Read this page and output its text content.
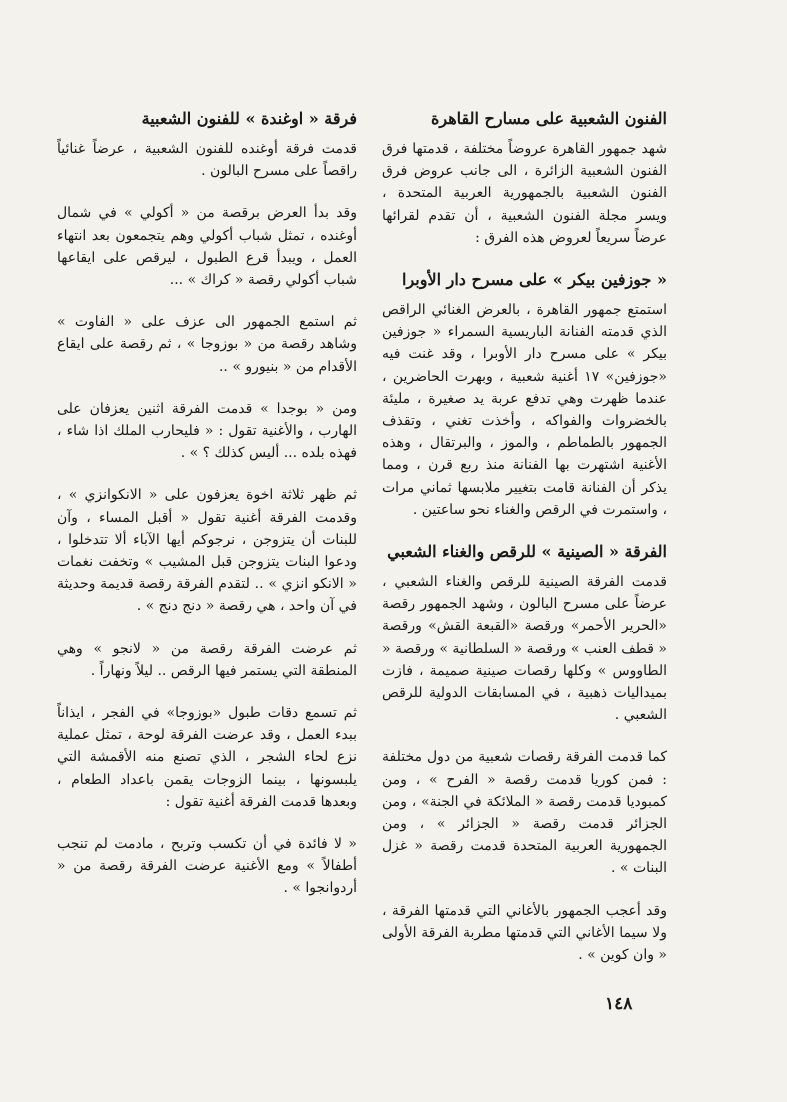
الفنون الشعبية على مسارح القاهرة

شهد جمهور القاهرة عروضاً مختلفة ، قدمتها فرق الفنون الشعبية الزائرة ، الى جانب عروض فرق الفنون الشعبية بالجمهورية العربية المتحدة ، ويسر مجلة الفنون الشعبية ، أن تقدم لقرائها عرضاً سريعاً لعروض هذه الفرق :

« جوزفين بيكر » على مسرح دار الأوبرا

استمتع جمهور القاهرة ، بالعرض الغنائي الراقص الذي قدمته الفنانة الباريسية السمراء « جوزفين بيكر » على مسرح دار الأوبرا ، وقد غنت فيه «جوزفين» ١٧ أغنية شعبية ، وبهرت الحاضرين ، عندما ظهرت وهي تدفع عربة يد صغيرة ، مليئة بالخضروات والفواكه ، وأخذت تغني ، وتقذف الجمهور بالطماطم ، والموز ، والبرتقال ، وهذه الأغنية اشتهرت بها الفنانة منذ ربع قرن ، ومما يذكر أن الفنانة قامت بتغيير ملابسها ثماني مرات ، واستمرت في الرقص والغناء نحو ساعتين .

الفرقة « الصينية » للرقص والغناء الشعبي

قدمت الفرقة الصينية للرقص والغناء الشعبي ، عرضاً على مسرح البالون ، وشهد الجمهور رقصة «الحرير الأحمر» ورقصة «القبعة القش» ورقصة « قطف العنب » ورقصة « السلطانية » ورقصة « الطاووس » وكلها رقصات صينية صميمة ، فازت بميداليات ذهبية ، في المسابقات الدولية للرقص الشعبي .

كما قدمت الفرقة رقصات شعبية من دول مختلفة : فمن كوريا قدمت رقصة « الفرح » ، ومن كمبوديا قدمت رقصة « الملائكة في الجنة» ، ومن الجزائر قدمت رقصة « الجزائر » ، ومن الجمهورية العربية المتحدة قدمت رقصة « غزل البنات » .

وقد أعجب الجمهور بالأغاني التي قدمتها الفرقة ، ولا سيما الأغاني التي قدمتها مطربة الفرقة الأولى « وان كوين » .

فرقة « اوغندة » للفنون الشعبية

قدمت فرقة أوغنده للفنون الشعبية ، عرضاً غنائياً راقصاً على مسرح البالون .

وقد بدأ العرض برقصة من « أكولي » في شمال أوغنده ، تمثل شباب أكولي وهم يتجمعون بعد انتهاء العمل ، ويبدأ قرع الطبول ، ليرقص على ايقاعها شباب أكولي رقصة « كراك » ...

ثم استمع الجمهور الى عزف على « الفاوت » وشاهد رقصة من « بوزوجا » ، ثم رقصة على ايقاع الأقدام من « بنيورو » ..

ومن « بوجدا » قدمت الفرقة اثنين يعزفان على الهارب ، والأغنية تقول : « فليحارب الملك اذا شاء ، فهذه بلده ... أليس كذلك ؟ » .

ثم ظهر ثلاثة اخوة يعزفون على « الانكوانزي » ، وقدمت الفرقة أغنية تقول « أقبل المساء ، وآن للبنات أن يتزوجن ، نرجوكم أيها الآباء ألا تتدخلوا ، ودعوا البنات يتزوجن قبل المشيب » وتخفت نغمات « الانكو انزي » .. لتقدم الفرقة رقصة قديمة وحديثة في آن واحد ، هي رقصة « دنج دنج » .

ثم عرضت الفرقة رقصة من « لانجو » وهي المنطقة التي يستمر فيها الرقص .. ليلاً ونهاراً .

ثم تسمع دقات طبول «بوزوجا» في الفجر ، ايذاناً ببدء العمل ، وقد عرضت الفرقة لوحة ، تمثل عملية نزع لحاء الشجر ، الذي تصنع منه الأقمشة التي يلبسونها ، بينما الزوجات يقمن باعداد الطعام ، وبعدها قدمت الفرقة أغنية تقول :

« لا فائدة في أن تكسب وتربح ، مادمت لم تنجب أطفالاً » ومع الأغنية عرضت الفرقة رقصة من « أردوانجوا » .

١٤٨
